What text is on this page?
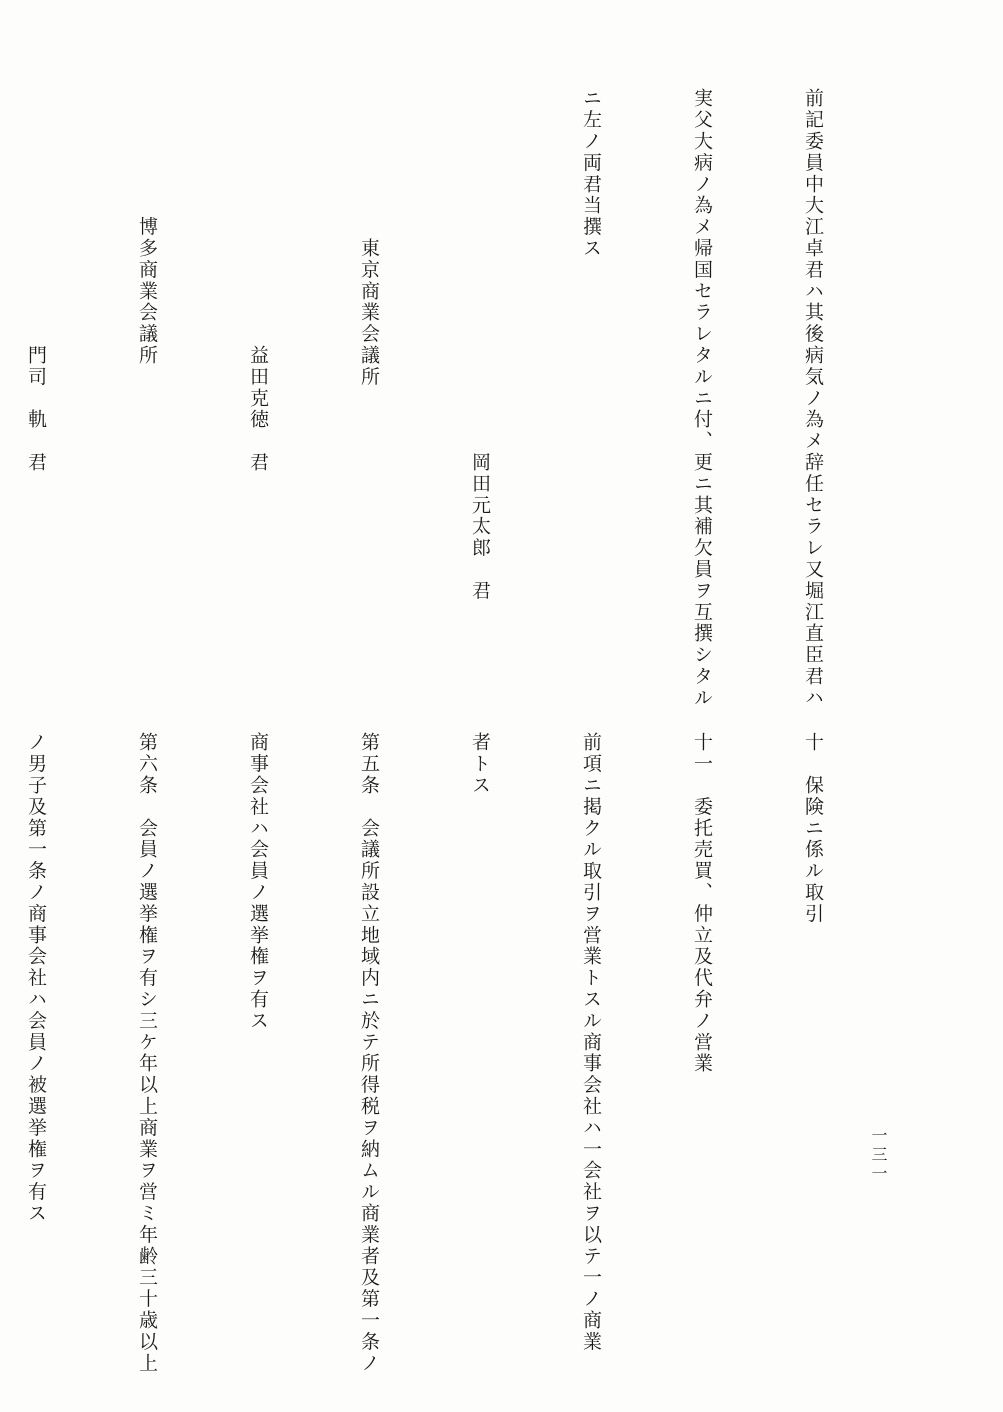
前記委員中大江卓君ハ其後病気ノ為メ辞任セラレ又堀江直臣君ハ

実父大病ノ為メ帰国セラレタルニ付、更ニ其補欠員ヲ互撰シタル

ニ左ノ両君当撰ス

　　　　　　　　　　　　　　　　　岡田元太郎　君

　　　　　　　東京商業会議所

　　　　　　　　　　　　益田克徳　君

　　　　　　博多商業会議所

　　　　　　　　　　　　門司　軌　君

十　保険ニ係ル取引

十一　委托売買、仲立及代弁ノ営業

前項ニ掲クル取引ヲ営業トスル商事会社ハ一会社ヲ以テ一ノ商業

者トス

第五条　会議所設立地域内ニ於テ所得税ヲ納ムル商業者及第一条ノ

商事会社ハ会員ノ選挙権ヲ有ス

第六条　会員ノ選挙権ヲ有シ三ケ年以上商業ヲ営ミ年齢三十歳以上

ノ男子及第一条ノ商事会社ハ会員ノ被選挙権ヲ有ス

	一三一
